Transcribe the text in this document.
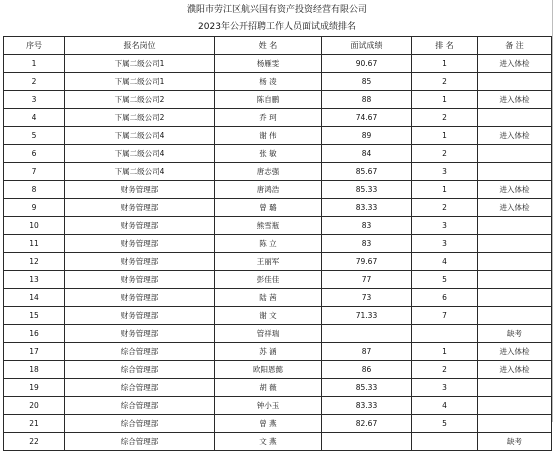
濮阳市劳江区航兴国有资产投资经营有限公司
2023年公开招聘工作人员面试成绩排名
序号	报名岗位	姓 名	面试成绩	排 名	备 注
1	下属二级公司1	杨雁雯	90.67	1	进入体检
2	下属二级公司1	杨 凌	85	2	
3	下属二级公司2	陈自鹏	88	1	进入体检
4	下属二级公司2	乔 珂	74.67	2	
5	下属二级公司4	谢 伟	89	1	进入体检
6	下属二级公司4	张 敏	84	2	
7	下属二级公司4	唐志强	85.67	3	
8	财务管理部	唐鸿浩	85.33	1	进入体检
9	财务管理部	曾 璐	83.33	2	进入体检
10	财务管理部	熊雪瓶	83	3	
11	财务管理部	陈 立	83	3	
12	财务管理部	王丽军	79.67	4	
13	财务管理部	彭佳佳	77	5	
14	财务管理部	陆 茜	73	6	
15	财务管理部	谢 文	71.33	7	
16	财务管理部	管祥瑞			缺考
17	综合管理部	苏 涵	87	1	进入体检
18	综合管理部	欧阳恩懿	86	2	进入体检
19	综合管理部	胡 薇	85.33	3	
20	综合管理部	钟小玉	83.33	4	
21	综合管理部	曾 燕	82.67	5	
22	综合管理部	文 燕			缺考
